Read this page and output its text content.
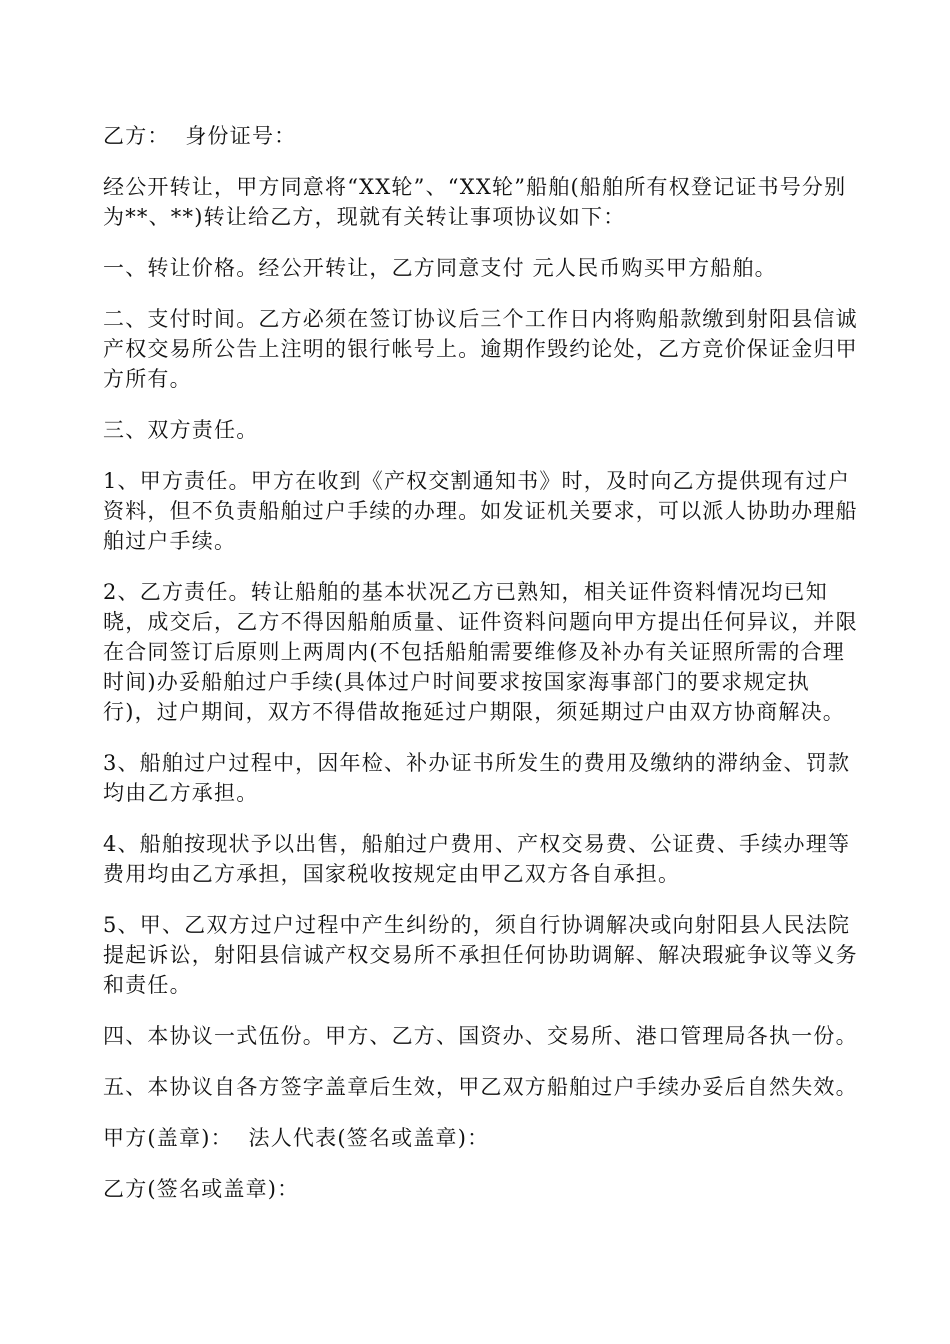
乙方：  身份证号：

经公开转让，甲方同意将“XX轮”、“XX轮”船舶(船舶所有权登记证书号分别为**、**)转让给乙方，现就有关转让事项协议如下：

一、转让价格。经公开转让，乙方同意支付 元人民币购买甲方船舶。

二、支付时间。乙方必须在签订协议后三个工作日内将购船款缴到射阳县信诚产权交易所公告上注明的银行帐号上。逾期作毁约论处，乙方竞价保证金归甲方所有。

三、双方责任。

1、甲方责任。甲方在收到《产权交割通知书》时，及时向乙方提供现有过户资料，但不负责船舶过户手续的办理。如发证机关要求，可以派人协助办理船舶过户手续。

2、乙方责任。转让船舶的基本状况乙方已熟知，相关证件资料情况均已知晓，成交后，乙方不得因船舶质量、证件资料问题向甲方提出任何异议，并限在合同签订后原则上两周内(不包括船舶需要维修及补办有关证照所需的合理时间)办妥船舶过户手续(具体过户时间要求按国家海事部门的要求规定执行)，过户期间，双方不得借故拖延过户期限，须延期过户由双方协商解决。

3、船舶过户过程中，因年检、补办证书所发生的费用及缴纳的滞纳金、罚款均由乙方承担。

4、船舶按现状予以出售，船舶过户费用、产权交易费、公证费、手续办理等费用均由乙方承担，国家税收按规定由甲乙双方各自承担。

5、甲、乙双方过户过程中产生纠纷的，须自行协调解决或向射阳县人民法院提起诉讼，射阳县信诚产权交易所不承担任何协助调解、解决瑕疵争议等义务和责任。

四、本协议一式伍份。甲方、乙方、国资办、交易所、港口管理局各执一份。

五、本协议自各方签字盖章后生效，甲乙双方船舶过户手续办妥后自然失效。

甲方(盖章)：  法人代表(签名或盖章)：

乙方(签名或盖章)：
